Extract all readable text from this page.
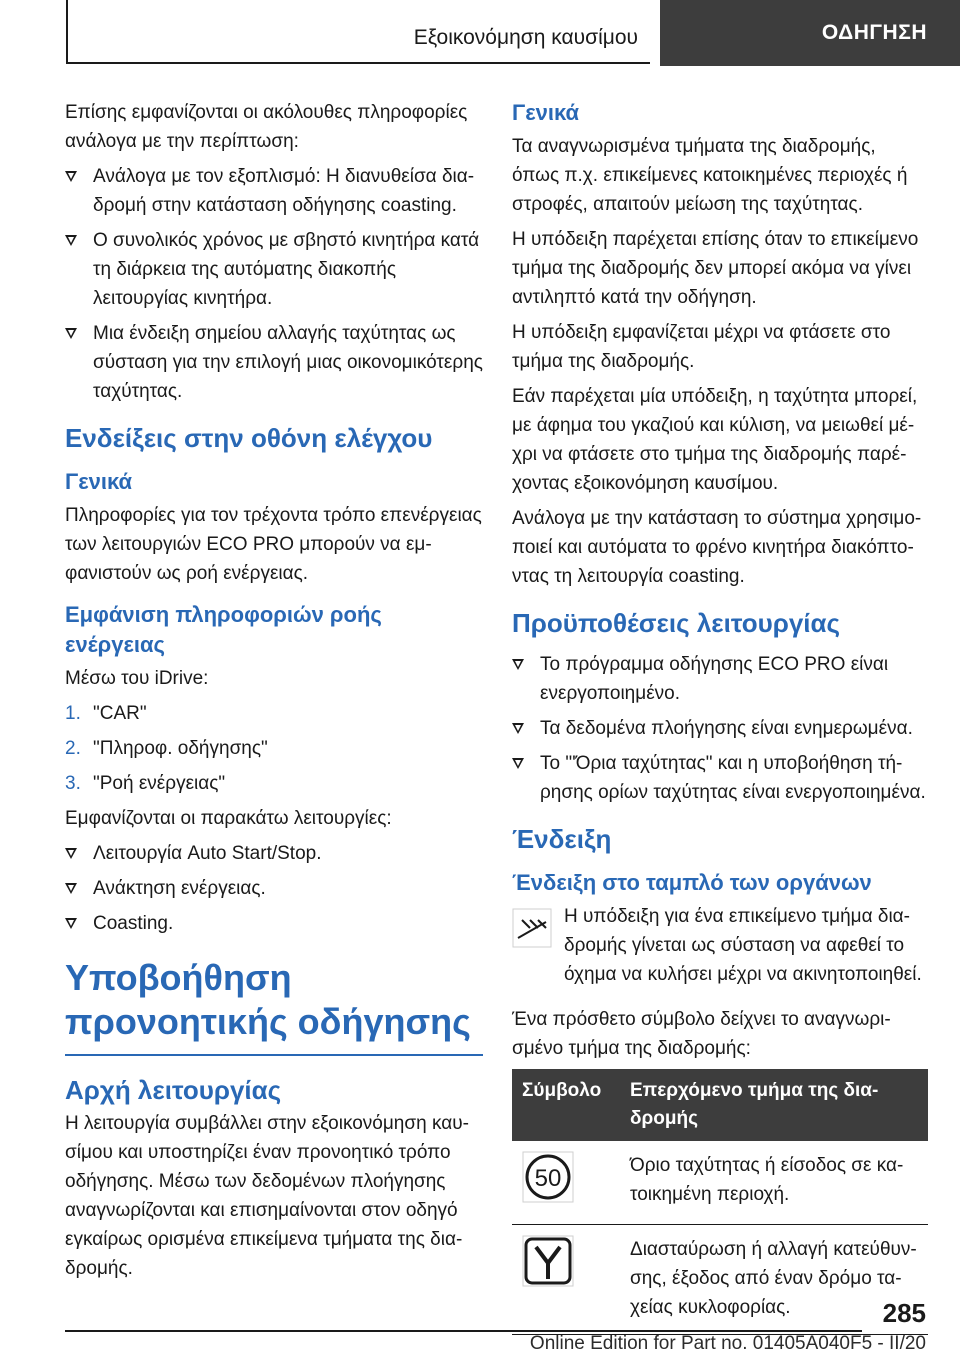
Εξοικονόμηση καυσίμου	ΟΔΗΓΗΣΗ

Επίσης εμφανίζονται οι ακόλουθες πληροφορίες ανάλογα με την περίπτωση:

Ανάλογα με τον εξοπλισμό: Η διανυθείσα διαδρομή στην κατάσταση οδήγησης coasting.
Ο συνολικός χρόνος με σβηστό κινητήρα κατά τη διάρκεια της αυτόματης διακοπής λειτουργίας κινητήρα.
Μια ένδειξη σημείου αλλαγής ταχύτητας ως σύσταση για την επιλογή μιας οικονομικότερης ταχύτητας.
Ενδείξεις στην οθόνη ελέγχου
Γενικά

Πληροφορίες για τον τρέχοντα τρόπο επενέργειας των λειτουργιών ECO PRO μπορούν να εμφανιστούν ως ροή ενέργειας.

Εμφάνιση πληροφοριών ροής ενέργειας

Μέσω του iDrive:

1. "CAR"
2. "Πληροφ. οδήγησης"
3. "Ροή ενέργειας"

Εμφανίζονται οι παρακάτω λειτουργίες:

Λειτουργία Auto Start/Stop.
Ανάκτηση ενέργειας.
Coasting.
Υποβοήθηση προνοητικής οδήγησης
Αρχή λειτουργίας

Η λειτουργία συμβάλλει στην εξοικονόμηση καυσίμου και υποστηρίζει έναν προνοητικό τρόπο οδήγησης. Μέσω των δεδομένων πλοήγησης αναγνωρίζονται και επισημαίνονται στον οδηγό εγκαίρως ορισμένα επικείμενα τμήματα της διαδρομής.

Γενικά

Τα αναγνωρισμένα τμήματα της διαδρομής, όπως π.χ. επικείμενες κατοικημένες περιοχές ή στροφές, απαιτούν μείωση της ταχύτητας.

Η υπόδειξη παρέχεται επίσης όταν το επικείμενο τμήμα της διαδρομής δεν μπορεί ακόμα να γίνει αντιληπτό κατά την οδήγηση.

Η υπόδειξη εμφανίζεται μέχρι να φτάσετε στο τμήμα της διαδρομής.

Εάν παρέχεται μία υπόδειξη, η ταχύτητα μπορεί, με άφημα του γκαζιού και κύλιση, να μειωθεί μέχρι να φτάσετε στο τμήμα της διαδρομής παρέχοντας εξοικονόμηση καυσίμου.

Ανάλογα με την κατάσταση το σύστημα χρησιμοποιεί και αυτόματα το φρένο κινητήρα διακόπτοντας τη λειτουργία coasting.

Προϋποθέσεις λειτουργίας
Το πρόγραμμα οδήγησης ECO PRO είναι ενεργοποιημένο.
Τα δεδομένα πλοήγησης είναι ενημερωμένα.
Το "'Όρια ταχύτητας" και η υποβοήθηση τήρησης ορίων ταχύτητας είναι ενεργοποιημένα.
Ένδειξη
Ένδειξη στο ταμπλό των οργάνων
Η υπόδειξη για ένα επικείμενο τμήμα διαδρομής γίνεται ως σύσταση να αφεθεί το όχημα να κυλήσει μέχρι να ακινητοποιηθεί.

Ένα πρόσθετο σύμβολο δείχνει το αναγνωρισμένο τμήμα της διαδρομής:

Σύμβολο	Επερχόμενο τμήμα της διαδρομής

50	Όριο ταχύτητας ή είσοδος σε κατοικημένη περιοχή.
	Διασταύρωση ή αλλαγή κατεύθυνσης, έξοδος από έναν δρόμο ταχείας κυκλοφορίας.	285
Online Edition for Part no. 01405A040F5 - II/20
